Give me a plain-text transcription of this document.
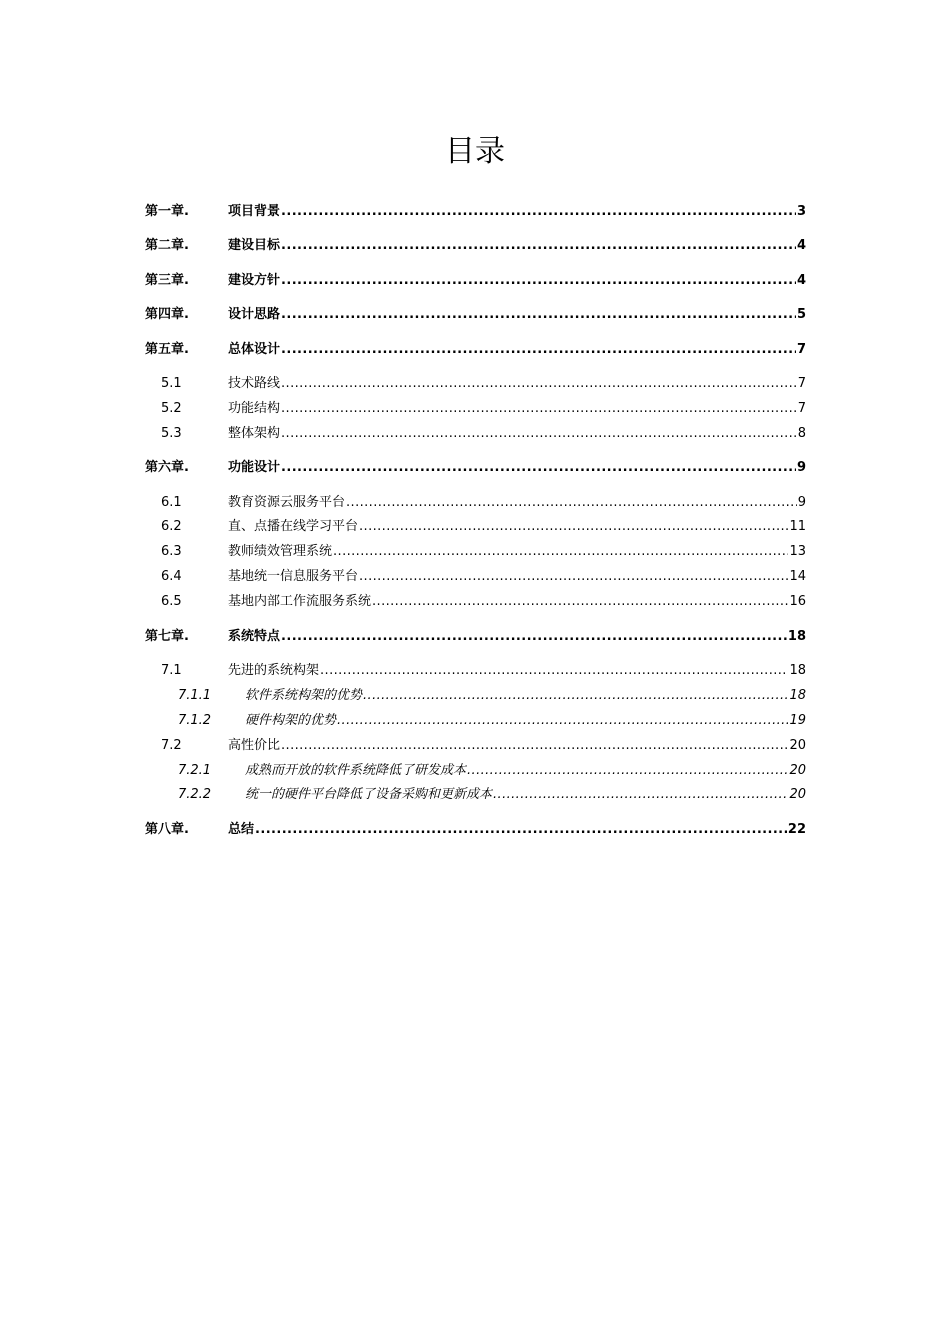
目录
第一章.	项目背景 .....	3
第二章.	建设目标 .....	4
第三章.	建设方针 .....	4
第四章.	设计思路 .....	5
第五章.	总体设计 .....	7
5.1	技术路线 .....	7
5.2	功能结构 .....	7
5.3	整体架构 .....	8
第六章.	功能设计 .....	9
6.1	教育资源云服务平台 .....	9
6.2	直、点播在线学习平台 .....	11
6.3	教师绩效管理系统 .....	13
6.4	基地统一信息服务平台 .....	14
6.5	基地内部工作流服务系统 .....	16
第七章.	系统特点 .....	18
7.1	先进的系统构架 .....	18
7.1.1	软件系统构架的优势 .....	18
7.1.2	硬件构架的优势 .....	19
7.2	高性价比 .....	20
7.2.1	成熟而开放的软件系统降低了研发成本 .....	20
7.2.2	统一的硬件平台降低了设备采购和更新成本 .....	20
第八章.	总结 .....	22
